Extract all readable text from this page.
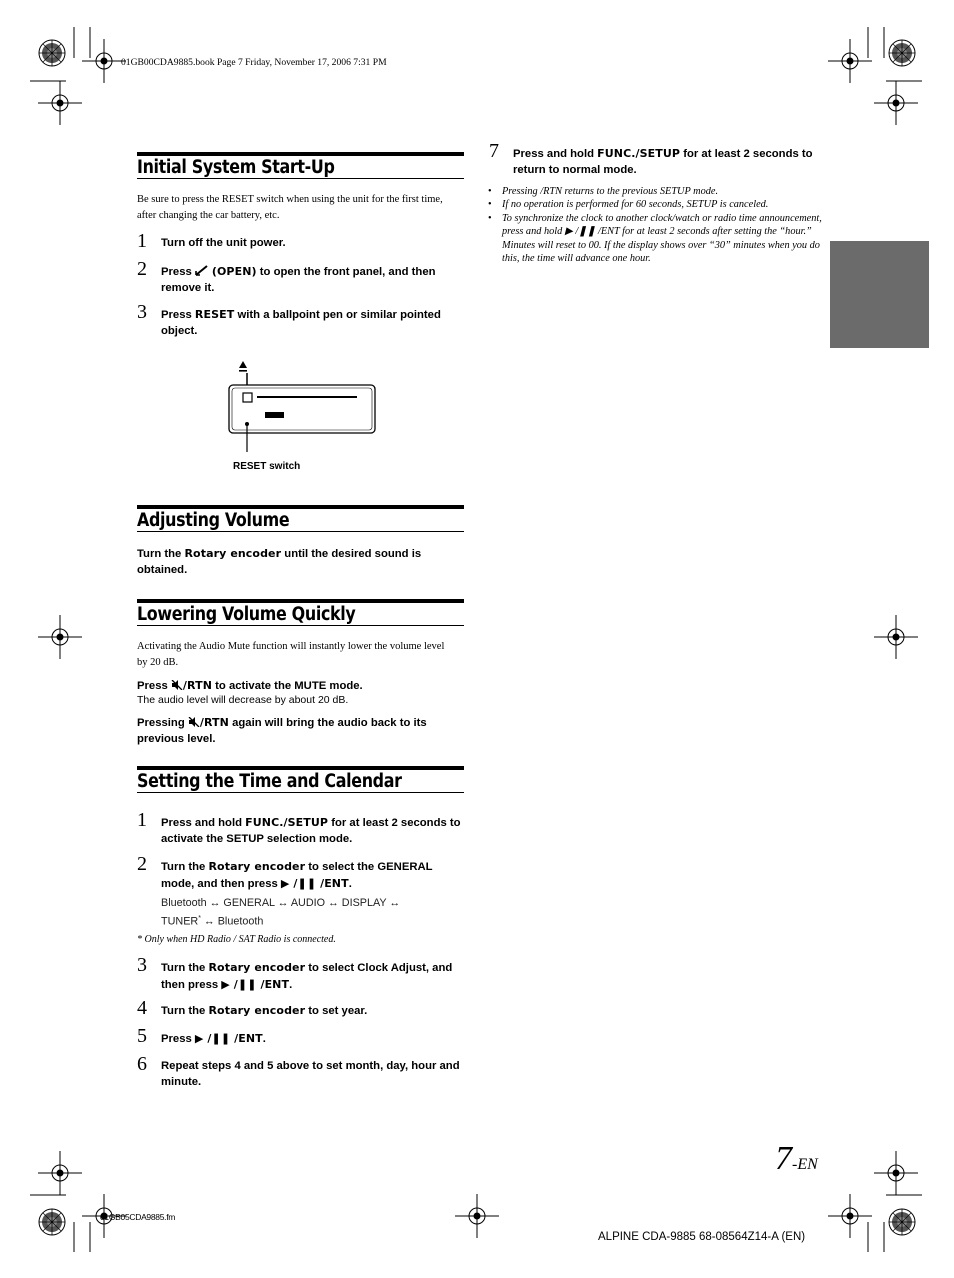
01GB00CDA9885.book Page 7 Friday, November 17, 2006 7:31 PM
Initial System Start-Up
Be sure to press the RESET switch when using the unit for the first time, after changing the car battery, etc.
1 Turn off the unit power.
2 Press  (OPEN) to open the front panel, and then remove it.
3 Press RESET with a ballpoint pen or similar pointed object.
RESET switch
Adjusting Volume
Turn the Rotary encoder until the desired sound is obtained.
Lowering Volume Quickly
Activating the Audio Mute function will instantly lower the volume level by 20 dB.
Press /RTN to activate the MUTE mode.
The audio level will decrease by about 20 dB.
Pressing /RTN again will bring the audio back to its previous level.
Setting the Time and Calendar
1 Press and hold FUNC./SETUP for at least 2 seconds to activate the SETUP selection mode.
2 Turn the Rotary encoder to select the GENERAL mode, and then press ▶ /❚❚ /ENT.
Bluetooth ↔ GENERAL ↔ AUDIO ↔ DISPLAY ↔
TUNER* ↔ Bluetooth
* Only when HD Radio / SAT Radio is connected.
3 Turn the Rotary encoder to select Clock Adjust, and then press ▶ /❚❚ /ENT.
4 Turn the Rotary encoder to set year.
5 Press ▶ /❚❚ /ENT.
6 Repeat steps 4 and 5 above to set month, day, hour and minute.
7 Press and hold FUNC./SETUP for at least 2 seconds to return to normal mode.
• Pressing /RTN returns to the previous SETUP mode.
• If no operation is performed for 60 seconds, SETUP is canceled.
• To synchronize the clock to another clock/watch or radio time announcement, press and hold ▶ /❚❚ /ENT for at least 2 seconds after setting the “hour.” Minutes will reset to 00. If the display shows over “30” minutes when you do this, the time will advance one hour.
7-EN
01GB05CDA9885.fm
ALPINE CDA-9885 68-08564Z14-A (EN)
